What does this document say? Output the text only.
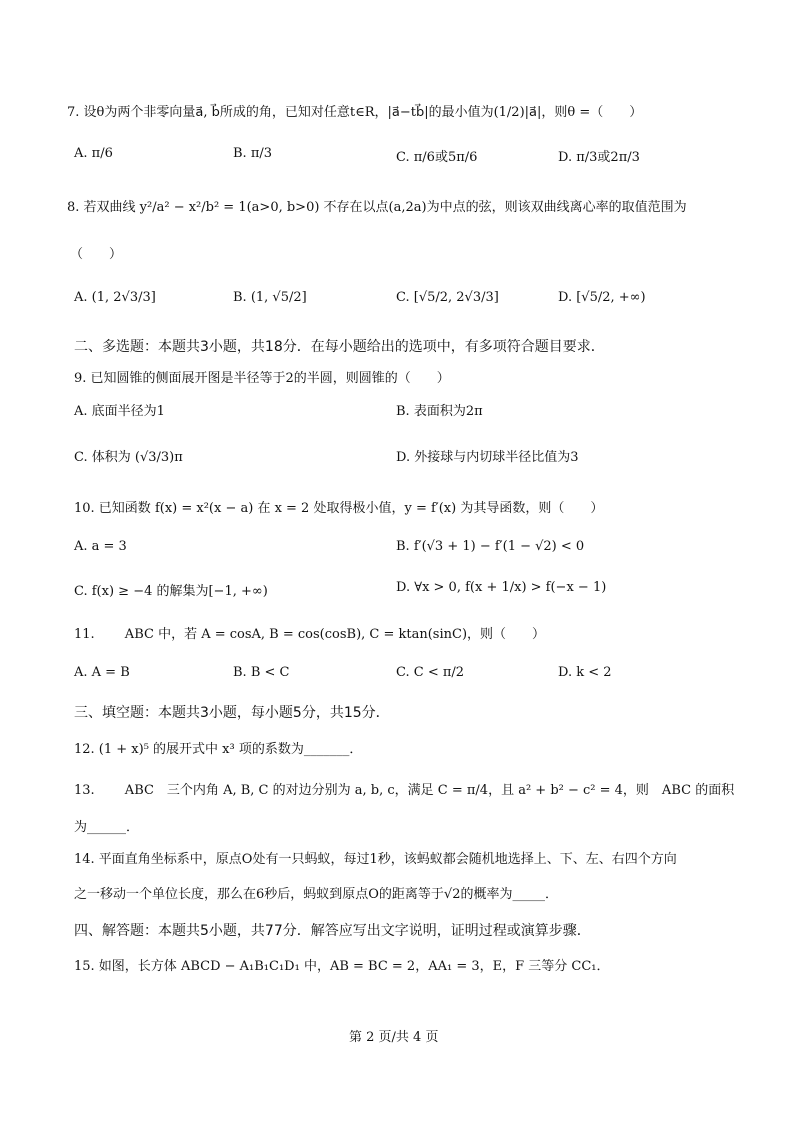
7. 设θ为两个非零向量a⃗, b⃗所成的角，已知对任意t∈R，|a⃗−tb⃗|的最小值为(1/2)|a⃗|，则θ =（　　）
A. π/6	B. π/3	C. π/6或5π/6	D. π/3或2π/3
8. 若双曲线 y²/a² − x²/b² = 1(a>0, b>0) 不存在以点(a,2a)为中点的弦，则该双曲线离心率的取值范围为
（　　）
A. (1, 2√3/3]	B. (1, √5/2]	C. [√5/2, 2√3/3]	D. [√5/2, +∞)
二、多选题：本题共3小题，共18分．在每小题给出的选项中，有多项符合题目要求．
9. 已知圆锥的侧面展开图是半径等于2的半圆，则圆锥的（　　）
A. 底面半径为1	B. 表面积为2π
C. 体积为 (√3/3)π	D. 外接球与内切球半径比值为3
10. 已知函数 f(x) = x²(x − a) 在 x = 2 处取得极小值，y = f′(x) 为其导函数，则（　　）
A. a = 3	B. f′(√3 + 1) − f′(1 − √2) < 0
C. f(x) ≥ −4 的解集为[−1, +∞)	D. ∀x > 0, f(x + 1/x) > f(−x − 1)
11. 　　ABC 中，若 A = cosA, B = cos(cosB), C = ktan(sinC)，则（　　）
A. A = B	B. B < C	C. C < π/2	D. k < 2
三、填空题：本题共3小题，每小题5分，共15分．
12. (1 + x)⁵ 的展开式中 x³ 项的系数为_______．
13. 　　ABC　三个内角 A, B, C 的对边分别为 a, b, c，满足 C = π/4，且 a² + b² − c² = 4，则　ABC 的面积
为______．
14. 平面直角坐标系中，原点O处有一只蚂蚁，每过1秒，该蚂蚁都会随机地选择上、下、左、右四个方向
之一移动一个单位长度，那么在6秒后，蚂蚁到原点O的距离等于√2的概率为_____．
四、解答题：本题共5小题，共77分．解答应写出文字说明，证明过程或演算步骤．
15. 如图，长方体 ABCD − A₁B₁C₁D₁ 中，AB = BC = 2，AA₁ = 3，E，F 三等分 CC₁．
第 2 页/共 4 页
